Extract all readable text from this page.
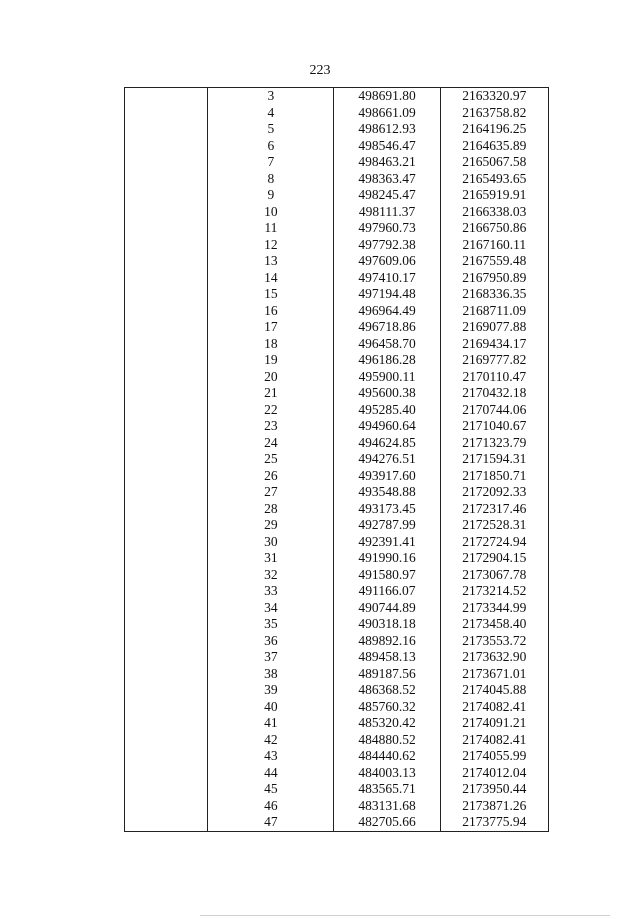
223
	3	498691.80	2163320.97
	4	498661.09	2163758.82
	5	498612.93	2164196.25
	6	498546.47	2164635.89
	7	498463.21	2165067.58
	8	498363.47	2165493.65
	9	498245.47	2165919.91
	10	498111.37	2166338.03
	11	497960.73	2166750.86
	12	497792.38	2167160.11
	13	497609.06	2167559.48
	14	497410.17	2167950.89
	15	497194.48	2168336.35
	16	496964.49	2168711.09
	17	496718.86	2169077.88
	18	496458.70	2169434.17
	19	496186.28	2169777.82
	20	495900.11	2170110.47
	21	495600.38	2170432.18
	22	495285.40	2170744.06
	23	494960.64	2171040.67
	24	494624.85	2171323.79
	25	494276.51	2171594.31
	26	493917.60	2171850.71
	27	493548.88	2172092.33
	28	493173.45	2172317.46
	29	492787.99	2172528.31
	30	492391.41	2172724.94
	31	491990.16	2172904.15
	32	491580.97	2173067.78
	33	491166.07	2173214.52
	34	490744.89	2173344.99
	35	490318.18	2173458.40
	36	489892.16	2173553.72
	37	489458.13	2173632.90
	38	489187.56	2173671.01
	39	486368.52	2174045.88
	40	485760.32	2174082.41
	41	485320.42	2174091.21
	42	484880.52	2174082.41
	43	484440.62	2174055.99
	44	484003.13	2174012.04
	45	483565.71	2173950.44
	46	483131.68	2173871.26
	47	482705.66	2173775.94
